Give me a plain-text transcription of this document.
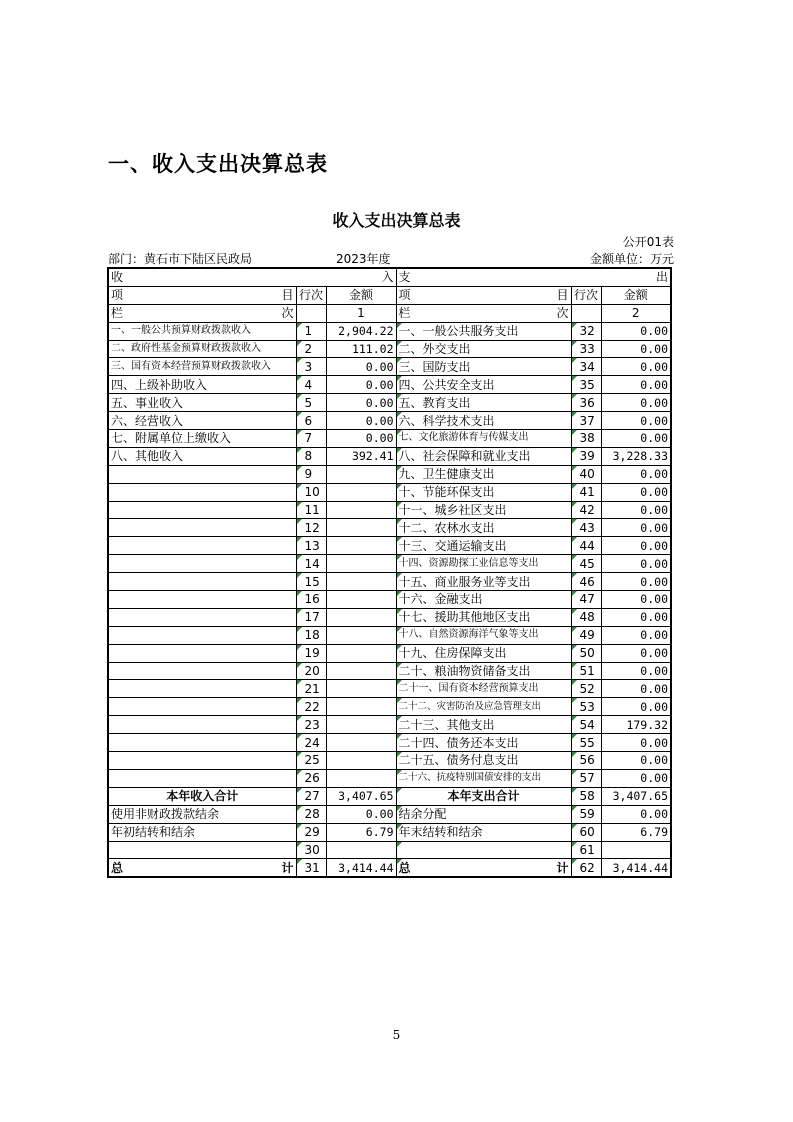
一、收入支出决算总表
收入支出决算总表
公开01表
部门：黄石市下陆区民政局	2023年度	金额单位：万元
收 入			支 出		

项 目	行次	金额	项 目	行次	金额

栏 次		1	栏 次		2
一、一般公共预算财政拨款收入	1	2,904.22	一、一般公共服务支出	32	0.00
二、政府性基金预算财政拨款收入	2	111.02	二、外交支出	33	0.00
三、国有资本经营预算财政拨款收入	3	0.00	三、国防支出	34	0.00
四、上级补助收入	4	0.00	四、公共安全支出	35	0.00
五、事业收入	5	0.00	五、教育支出	36	0.00
六、经营收入	6	0.00	六、科学技术支出	37	0.00
七、附属单位上缴收入	7	0.00	七、文化旅游体育与传媒支出	38	0.00
八、其他收入	8	392.41	八、社会保障和就业支出	39	3,228.33
	9		九、卫生健康支出	40	0.00
	10		十、节能环保支出	41	0.00
	11		十一、城乡社区支出	42	0.00
	12		十二、农林水支出	43	0.00
	13		十三、交通运输支出	44	0.00
	14		十四、资源勘探工业信息等支出	45	0.00
	15		十五、商业服务业等支出	46	0.00
	16		十六、金融支出	47	0.00
	17		十七、援助其他地区支出	48	0.00
	18		十八、自然资源海洋气象等支出	49	0.00
	19		十九、住房保障支出	50	0.00
	20		二十、粮油物资储备支出	51	0.00
	21		二十一、国有资本经营预算支出	52	0.00
	22		二十二、灾害防治及应急管理支出	53	0.00
	23		二十三、其他支出	54	179.32
	24		二十四、债务还本支出	55	0.00
	25		二十五、债务付息支出	56	0.00
	26		二十六、抗疫特别国债安排的支出	57	0.00
本年收入合计	27	3,407.65	本年支出合计	58	3,407.65
使用非财政拨款结余	28	0.00	结余分配	59	0.00
年初结转和结余	29	6.79	年末结转和结余	60	6.79
	30			61	

总 计	31	3,414.44	总 计	62	3,414.44
5
